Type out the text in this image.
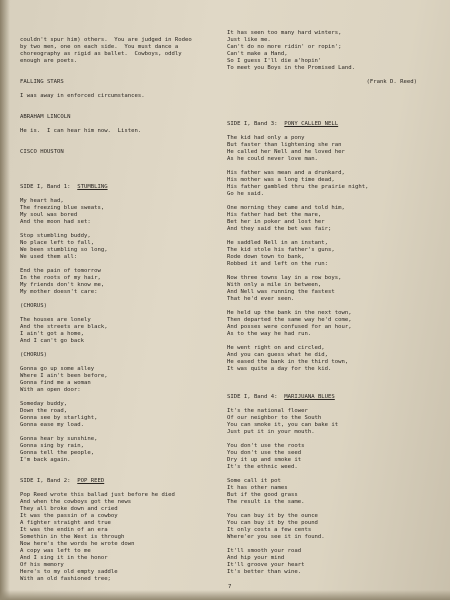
couldn't spur him) others.  You are judged in Rodeo
by two men, one on each side.  You must dance a
choreography as rigid as ballet.  Cowboys, oddly
enough are poets.
FALLING STARS
I was away in enforced circumstances.
ABRAHAM LINCOLN
He is.  I can hear him now.  Listen.
CISCO HOUSTON
SIDE I, Band 1:  STUMBLING
My heart had,
The freezing blue sweats,
My soul was bored
And the moon had set:
Stop stumbling buddy,
No place left to fall,
We been stumbling so long,
We used them all:
End the pain of tomorrow
In the roots of my hair,
My friends don't know me,
My mother doesn't care:
(CHORUS)
The houses are lonely
And the streets are black,
I ain't got a home,
And I can't go back
(CHORUS)
Gonna go up some alley
Where I ain't been before,
Gonna find me a woman
With an open door:
Someday buddy,
Down the road,
Gonna see by starlight,
Gonna ease my load.
Gonna hear by sunshine,
Gonna sing by rain,
Gonna tell the people,
I'm back again.
SIDE I, Band 2:  POP REED
Pop Reed wrote this ballad just before he died
And when the cowboys got the news
They all broke down and cried
It was the passin of a cowboy
A fighter straight and true
It was the endin of an era
Somethin in the West is through
Now here's the words he wrote down
A copy was left to me
And I sing it in the honor
Of his memory
Here's to my old empty saddle
With an old fashioned tree;
It has seen too many hard winters,
Just like me.
Can't do no more ridin' or ropin';
Can't make a Hand,
So I guess I'll die a'hopin'
To meet you Boys in the Promised Land.
(Frank D. Reed)
SIDE I, Band 3:  PONY CALLED NELL
The kid had only a pony
But faster than lightening she ran
He called her Nell and he loved her
As he could never love man.
His father was mean and a drunkard,
His mother was a long time dead,
His father gambled thru the prairie night,
Go he said.
One morning they came and told him,
His father had bet the mare,
Bet her in poker and lost her
And they said the bet was fair;
He saddled Nell in an instant,
The kid stole his father's guns,
Rode down town to bank,
Robbed it and left on the run:
Now three towns lay in a row boys,
With only a mile in between,
And Nell was running the fastest
That he'd ever seen.
He held up the bank in the next town,
Then departed the same way he'd come,
And posses were confused for an hour,
As to the way he had run.
He went right on and circled,
And you can guess what he did,
He eased the bank in the third town,
It was quite a day for the kid.
SIDE I, Band 4:  MARIJUANA BLUES
It's the national flower
Of our neighbor to the South
You can smoke it, you can bake it
Just put it in your mouth.
You don't use the roots
You don't use the seed
Dry it up and smoke it
It's the ethnic weed.
Some call it pot
It has other names
But if the good grass
The result is the same.
You can buy it by the ounce
You can buy it by the pound
It only costs a few cents
Where'er you see it in found.
It'll smooth your road
And hip your mind
It'll groove your heart
It's better than wine.
7
